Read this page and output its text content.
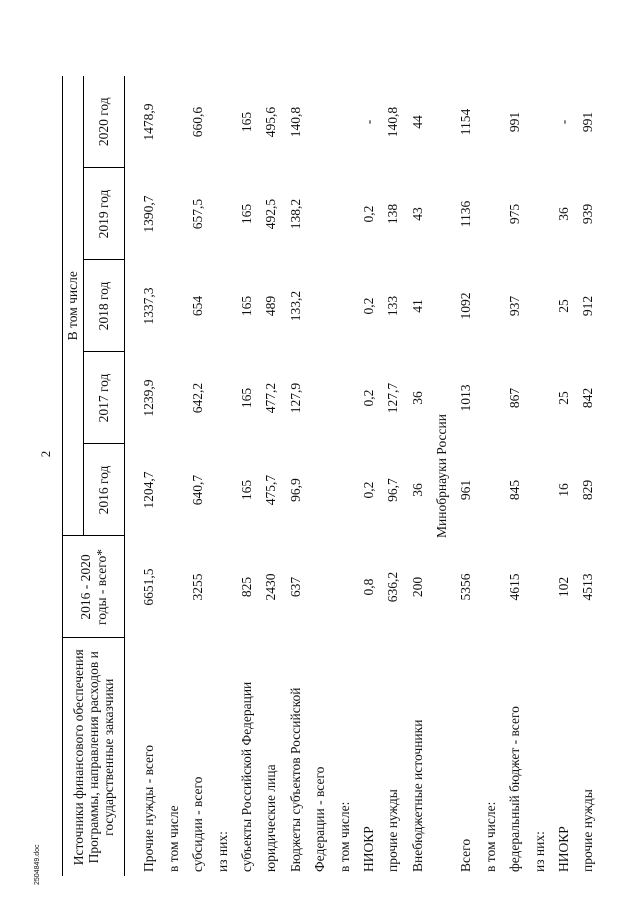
2
2504849.doc Источники финансового обеспечения Программы, направления расходов и государственные заказчики	2016 - 2020 годы - всего*	В том числе				
		2016 год	2017 год	2018 год	2019 год	2020 год
Прочие нужды - всего	6651,5	1204,7	1239,9	1337,3	1390,7	1478,9
в том числе						
субсидии - всего	3255	640,7	642,2	654	657,5	660,6
из них:						
субъекты Российской Федерации	825	165	165	165	165	165
юридические лица	2430	475,7	477,2	489	492,5	495,6
Бюджеты субъектов Российской	637	96,9	127,9	133,2	138,2	140,8
Федерации - всего						
в том числе:						
НИОКР	0,8	0,2	0,2	0,2	0,2	-
прочие нужды	636,2	96,7	127,7	133	138	140,8
Внебюджетные источники	200	36	36	41	43	44
Минобрнауки России						
Всего	5356	961	1013	1092	1136	1154
в том числе:						
федеральный бюджет - всего	4615	845	867	937	975	991
из них:						
НИОКР	102	16	25	25	36	-
прочие нужды	4513	829	842	912	939	991
